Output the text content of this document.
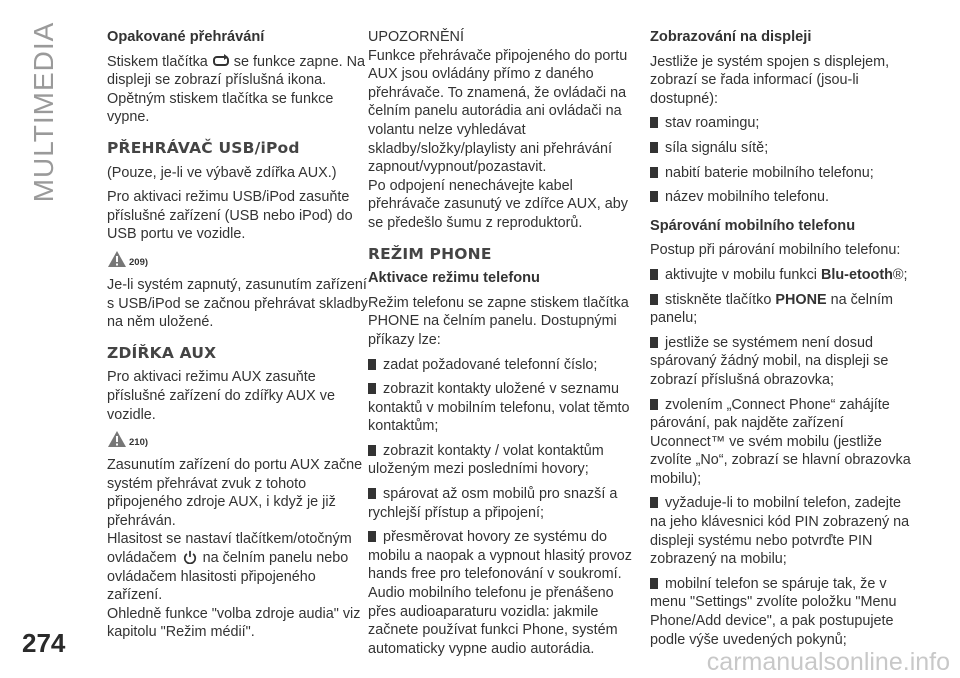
MULTIMEDIA
274
carmanualsonline.info

Opakované přehrávání

Stiskem tlačítka se funkce zapne. Na displeji se zobrazí příslušná ikona. Opětným stiskem tlačítka se funkce vypne.

PŘEHRÁVAČ USB/iPod

(Pouze, je-li ve výbavě zdířka AUX.)

Pro aktivaci režimu USB/iPod zasuňte příslušné zařízení (USB nebo iPod) do USB portu ve vozidle.

209)

Je-li systém zapnutý, zasunutím zařízení s USB/iPod se začnou přehrávat skladby na něm uložené.

ZDÍŘKA AUX

Pro aktivaci režimu AUX zasuňte příslušné zařízení do zdířky AUX ve vozidle.

210)

Zasunutím zařízení do portu AUX začne systém přehrávat zvuk z tohoto připojeného zdroje AUX, i když je již přehráván.

Hlasitost se nastaví tlačítkem/otočným ovládačem na čelním panelu nebo ovládačem hlasitosti připojeného zařízení.

Ohledně funkce "volba zdroje audia" viz kapitolu "Režim médií".

UPOZORNĚNÍ

Funkce přehrávače připojeného do portu AUX jsou ovládány přímo z daného přehrávače. To znamená, že ovládači na čelním panelu autorádia ani ovládači na volantu nelze vyhledávat skladby/složky/playlisty ani přehrávání zapnout/vypnout/pozastavit.

Po odpojení nenechávejte kabel přehrávače zasunutý ve zdířce AUX, aby se předešlo šumu z reproduktorů.

REŽIM PHONE

Aktivace režimu telefonu

Režim telefonu se zapne stiskem tlačítka PHONE na čelním panelu. Dostupnými příkazy lze:

zadat požadované telefonní číslo;

zobrazit kontakty uložené v seznamu kontaktů v mobilním telefonu, volat těmto kontaktům;

zobrazit kontakty / volat kontaktům uloženým mezi posledními hovory;

spárovat až osm mobilů pro snazší a rychlejší přístup a připojení;

přesměrovat hovory ze systému do mobilu a naopak a vypnout hlasitý provoz hands free pro telefonování v soukromí.

Audio mobilního telefonu je přenášeno přes audioaparaturu vozidla: jakmile začnete používat funkci Phone, systém automaticky vypne audio autorádia.

Zobrazování na displeji

Jestliže je systém spojen s displejem, zobrazí se řada informací (jsou-li dostupné):

stav roamingu;

síla signálu sítě;

nabití baterie mobilního telefonu;

název mobilního telefonu.

Spárování mobilního telefonu

Postup při párování mobilního telefonu:

aktivujte v mobilu funkci Blu-etooth®;

stiskněte tlačítko PHONE na čelním panelu;

jestliže se systémem není dosud spárovaný žádný mobil, na displeji se zobrazí příslušná obrazovka;

zvolením „Connect Phone“ zahájíte párování, pak najděte zařízení Uconnect™ ve svém mobilu (jestliže zvolíte „No“, zobrazí se hlavní obrazovka mobilu);

vyžaduje-li to mobilní telefon, zadejte na jeho klávesnici kód PIN zobrazený na displeji systému nebo potvrďte PIN zobrazený na mobilu;

mobilní telefon se spáruje tak, že v menu "Settings" zvolíte položku "Menu Phone/Add device", a pak postupujete podle výše uvedených pokynů;
